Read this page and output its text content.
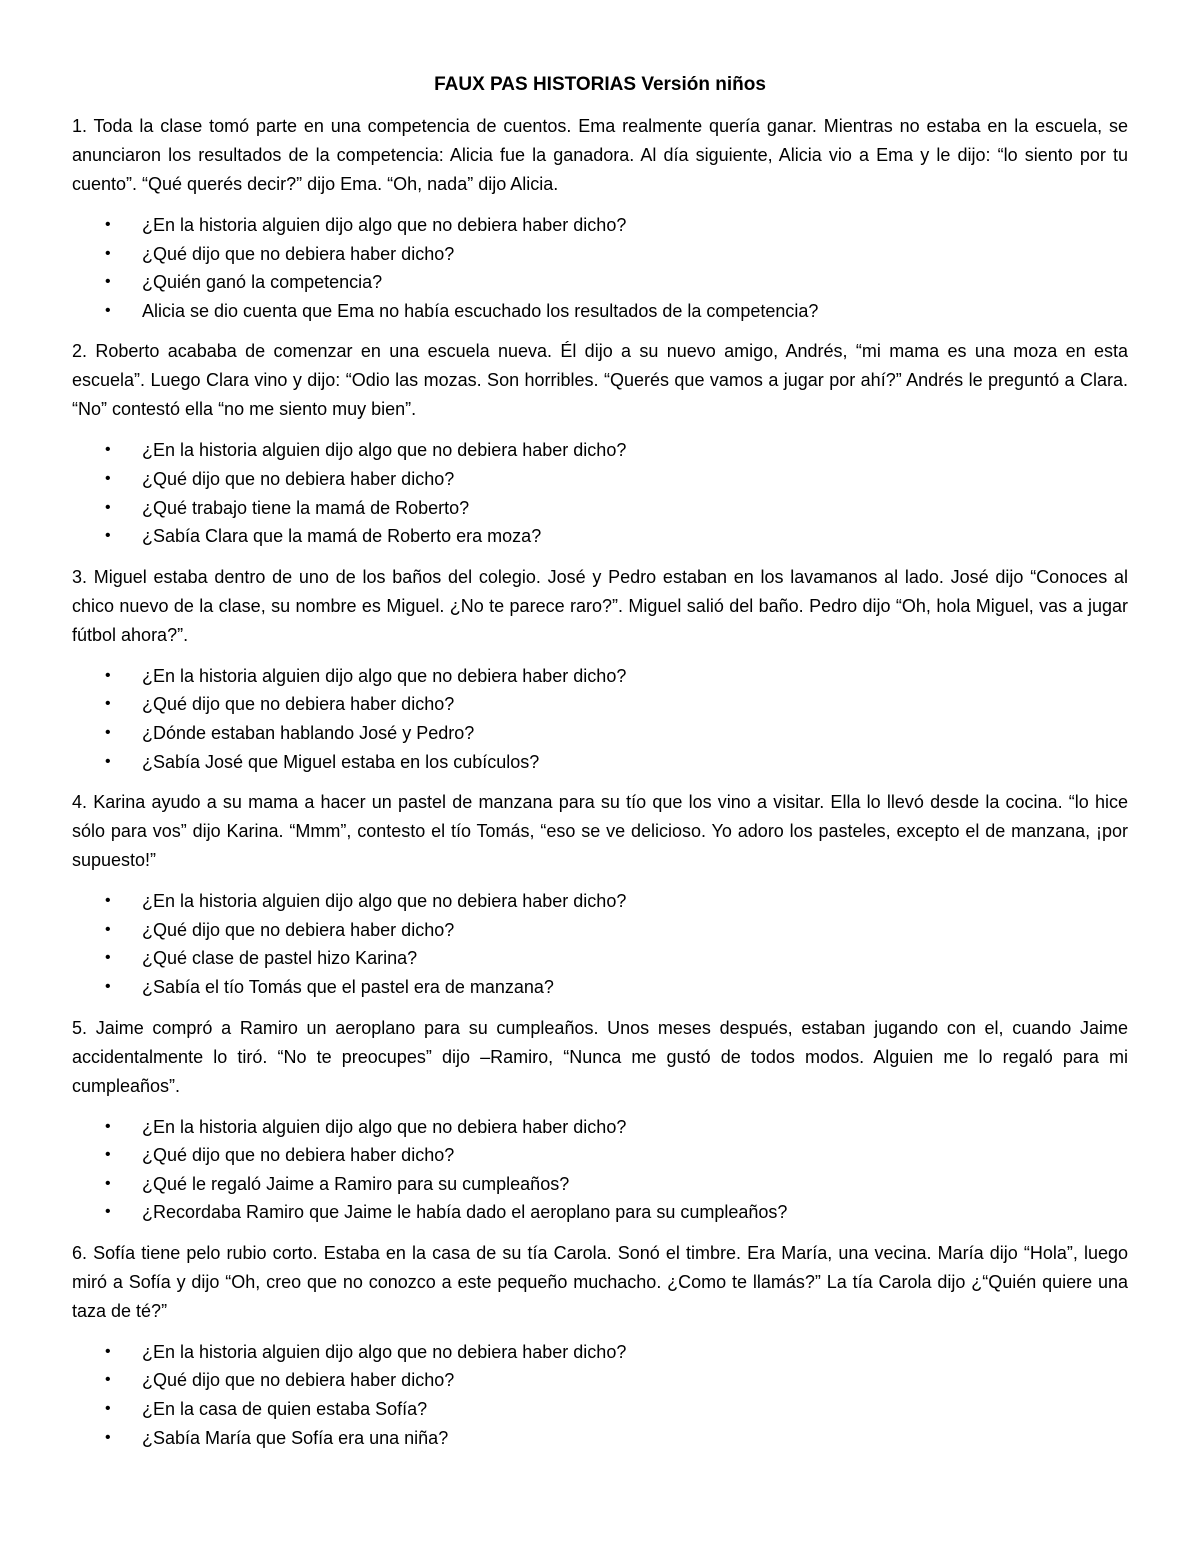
FAUX PAS HISTORIAS Versión niños

1. Toda la clase tomó parte en una competencia de cuentos. Ema realmente quería ganar. Mientras no estaba en la escuela, se anunciaron los resultados de la competencia: Alicia fue la ganadora. Al día siguiente, Alicia vio a Ema y le dijo: “lo siento por tu cuento”. “Qué querés decir?” dijo Ema. “Oh, nada” dijo Alicia.

• ¿En la historia alguien dijo algo que no debiera haber dicho?
• ¿Qué dijo que no debiera haber dicho?
• ¿Quién ganó la competencia?
• Alicia se dio cuenta que Ema no había escuchado los resultados de la competencia?

2. Roberto acababa de comenzar en una escuela nueva. Él dijo a su nuevo amigo, Andrés, “mi mama es una moza en esta escuela”. Luego Clara vino y dijo: “Odio las mozas. Son horribles. “Querés que vamos a jugar por ahí?” Andrés le preguntó a Clara. “No” contestó ella “no me siento muy bien”.

• ¿En la historia alguien dijo algo que no debiera haber dicho?
• ¿Qué dijo que no debiera haber dicho?
• ¿Qué trabajo tiene la mamá de Roberto?
• ¿Sabía Clara que la mamá de Roberto era moza?

3. Miguel estaba dentro de uno de los baños del colegio. José y Pedro estaban en los lavamanos al lado. José dijo “Conoces al chico nuevo de la clase, su nombre es Miguel. ¿No te parece raro?”. Miguel salió del baño. Pedro dijo “Oh, hola Miguel, vas a jugar fútbol ahora?”.

• ¿En la historia alguien dijo algo que no debiera haber dicho?
• ¿Qué dijo que no debiera haber dicho?
• ¿Dónde estaban hablando José y Pedro?
• ¿Sabía José que Miguel estaba en los cubículos?

4. Karina ayudo a su mama a hacer un pastel de manzana para su tío que los vino a visitar. Ella lo llevó desde la cocina. “lo hice sólo para vos” dijo Karina. “Mmm”, contesto el tío Tomás, “eso se ve delicioso. Yo adoro los pasteles, excepto el de manzana, ¡por supuesto!”

• ¿En la historia alguien dijo algo que no debiera haber dicho?
• ¿Qué dijo que no debiera haber dicho?
• ¿Qué clase de pastel hizo Karina?
• ¿Sabía el tío Tomás que el pastel era de manzana?

5. Jaime compró a Ramiro un aeroplano para su cumpleaños. Unos meses después, estaban jugando con el, cuando Jaime accidentalmente lo tiró. “No te preocupes” dijo –Ramiro, “Nunca me gustó de todos modos. Alguien me lo regaló para mi cumpleaños”.

• ¿En la historia alguien dijo algo que no debiera haber dicho?
• ¿Qué dijo que no debiera haber dicho?
• ¿Qué le regaló Jaime a Ramiro para su cumpleaños?
• ¿Recordaba Ramiro que Jaime le había dado el aeroplano para su cumpleaños?

6. Sofía tiene pelo rubio corto. Estaba en la casa de su tía Carola. Sonó el timbre. Era María, una vecina. María dijo “Hola”, luego miró a Sofía y dijo “Oh, creo que no conozco a este pequeño muchacho. ¿Como te llamás?” La tía Carola dijo ¿“Quién quiere una taza de té?”

• ¿En la historia alguien dijo algo que no debiera haber dicho?
• ¿Qué dijo que no debiera haber dicho?
• ¿En la casa de quien estaba Sofía?
• ¿Sabía María que Sofía era una niña?
